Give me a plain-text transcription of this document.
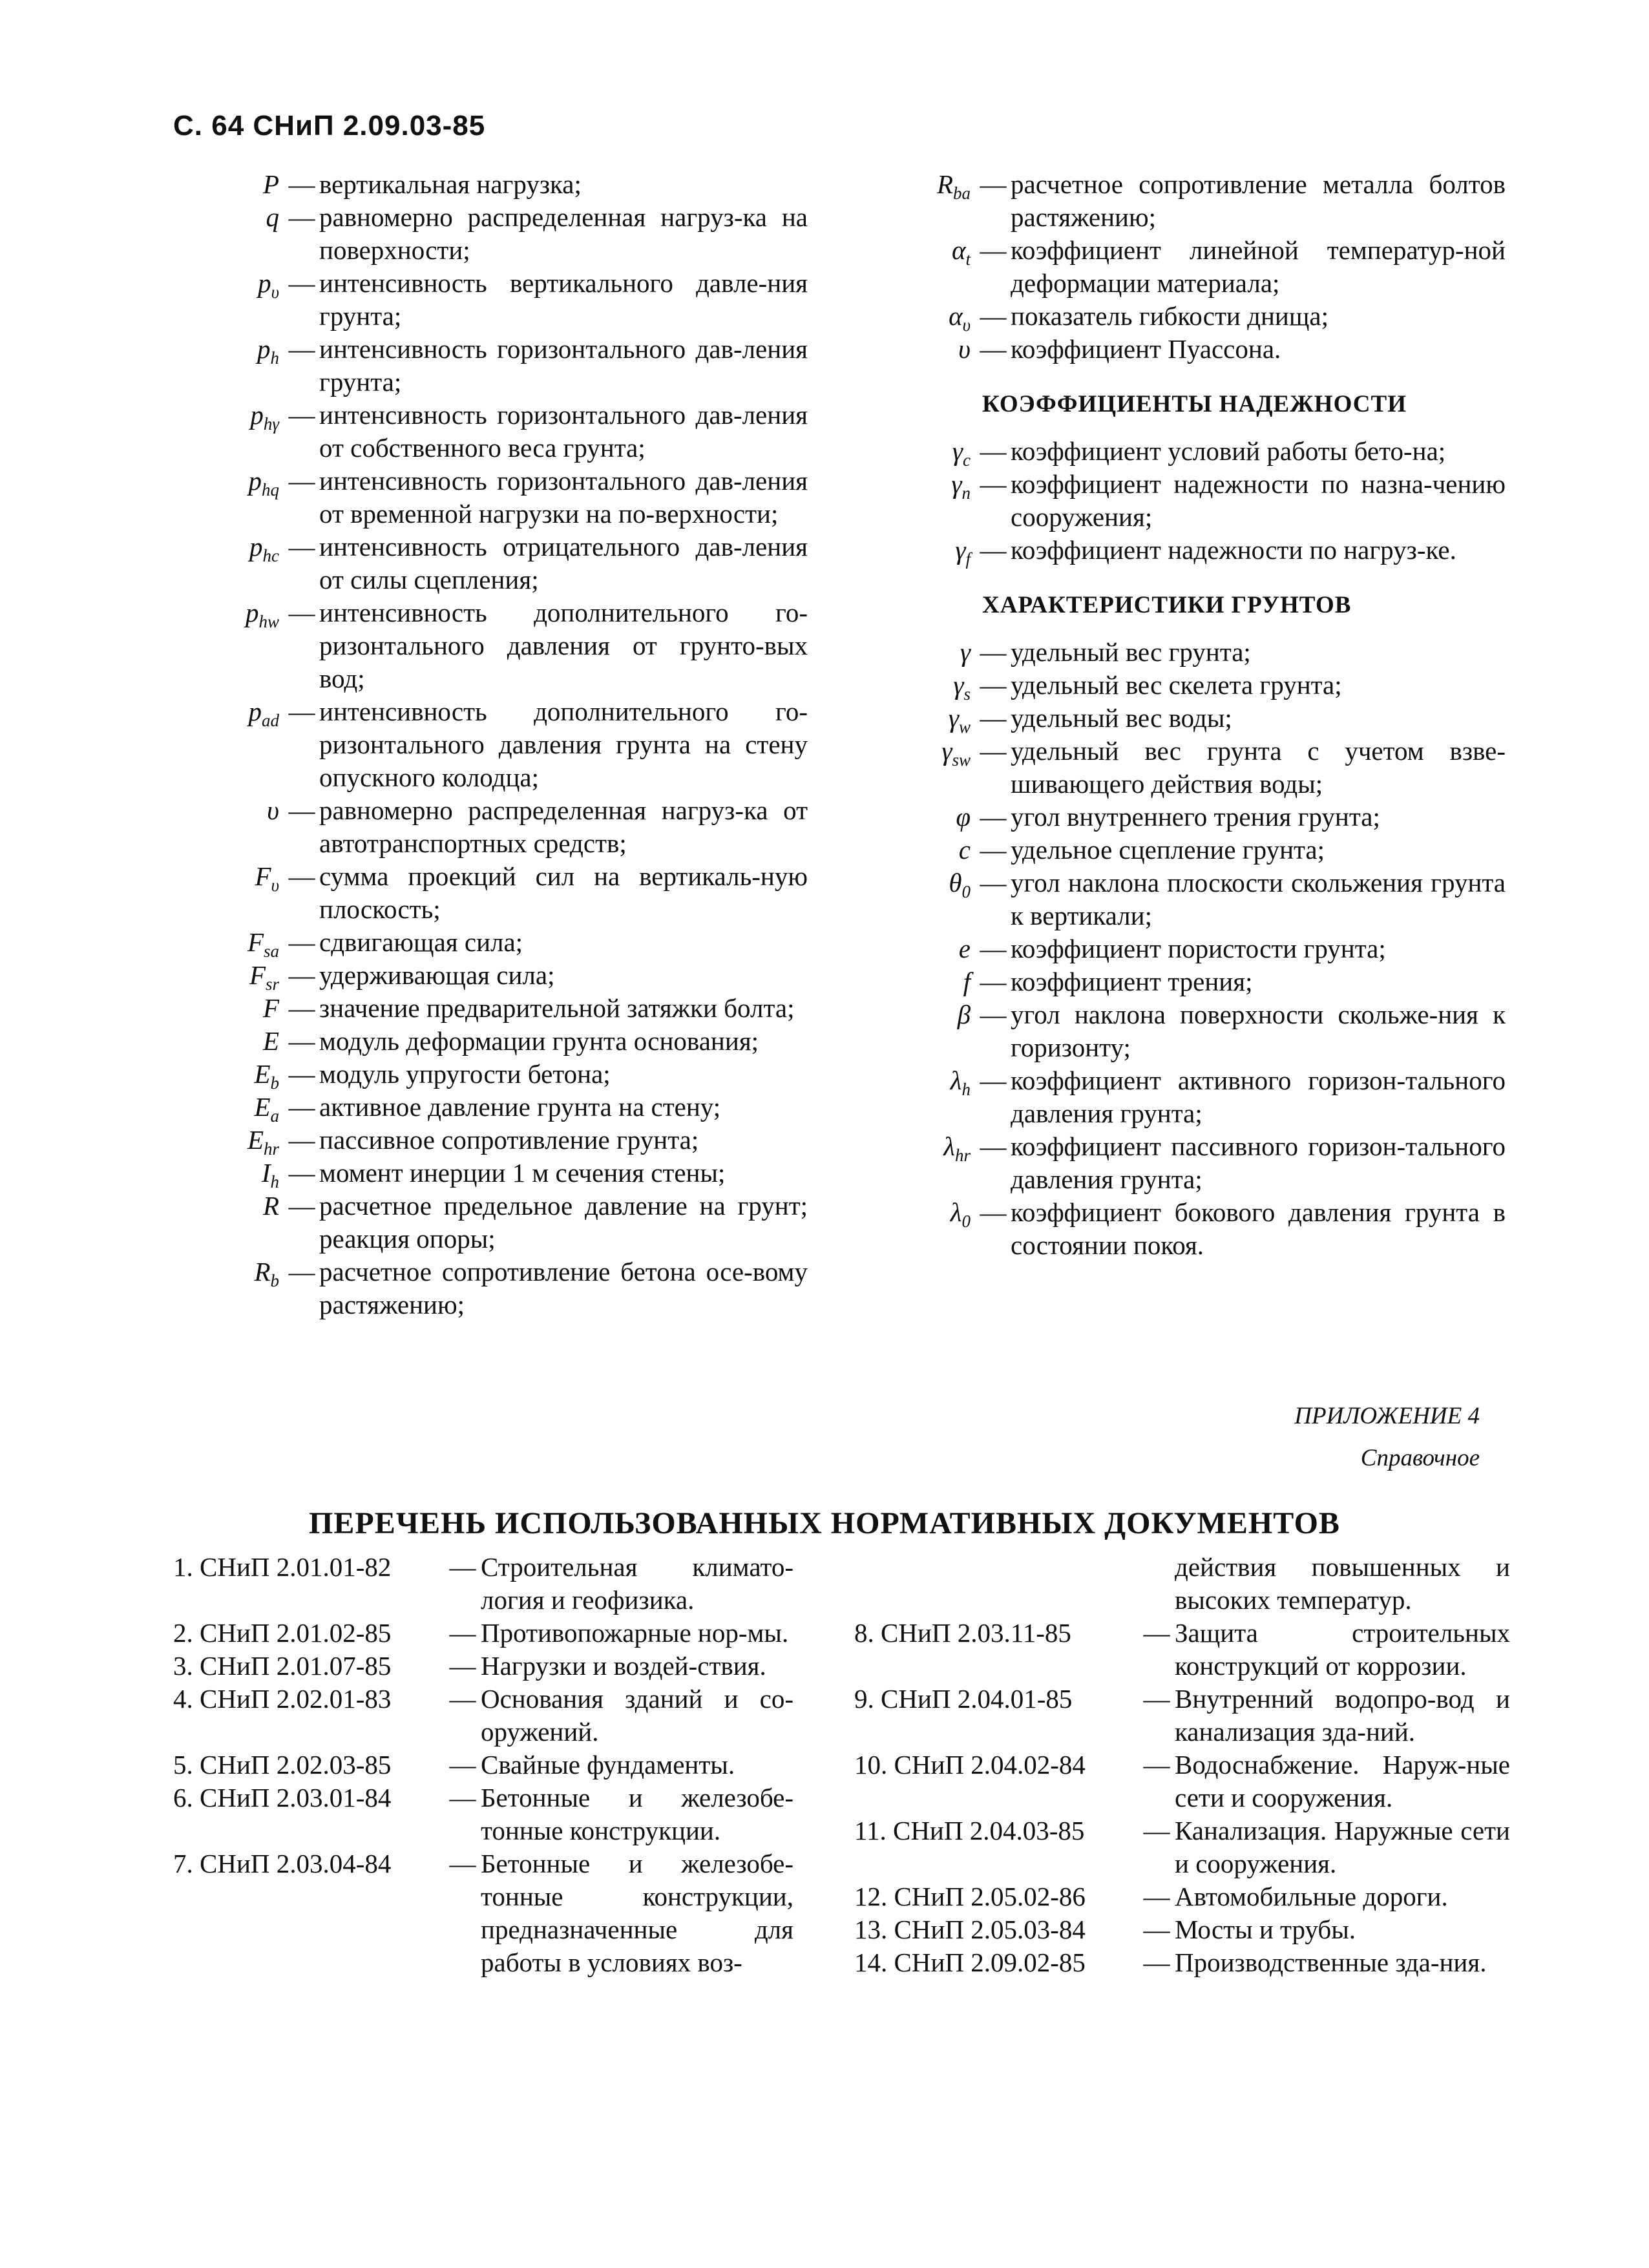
С. 64 СНиП 2.09.03-85
P — вертикальная нагрузка;
q — равномерно распределенная нагруз-ка на поверхности;
$p_\upsilon$ — интенсивность вертикального давле-ния грунта;
$p_h$ — интенсивность горизонтального дав-ления грунта;
$p_{h\gamma}$ — интенсивность горизонтального дав-ления от собственного веса грунта;
$p_{hq}$ — интенсивность горизонтального дав-ления от временной нагрузки на по-верхности;
$p_{hc}$ — интенсивность отрицательного дав-ления от силы сцепления;
$p_{hw}$ — интенсивность дополнительного го-ризонтального давления от грунто-вых вод;
$p_{ad}$ — интенсивность дополнительного го-ризонтального давления грунта на стену опускного колодца;
υ — равномерно распределенная нагруз-ка от автотранспортных средств;
$F_\upsilon$ — сумма проекций сил на вертикаль-ную плоскость;
$F_{sa}$ — сдвигающая сила;
$F_{sr}$ — удерживающая сила;
F — значение предварительной затяжки болта;
E — модуль деформации грунта основания;
$E_b$ — модуль упругости бетона;
$E_a$ — активное давление грунта на стену;
$E_{hr}$ — пассивное сопротивление грунта;
$I_h$ — момент инерции 1 м сечения стены;
R — расчетное предельное давление на грунт; реакция опоры;
$R_b$ — расчетное сопротивление бетона осе-вому растяжению;
$R_{ba}$ — расчетное сопротивление металла болтов растяжению;
$\alpha_t$ — коэффициент линейной температур-ной деформации материала;
$\alpha_\upsilon$ — показатель гибкости днища;
υ — коэффициент Пуассона.
КОЭФФИЦИЕНТЫ НАДЕЖНОСТИ
$\gamma_c$ — коэффициент условий работы бето-на;
$\gamma_n$ — коэффициент надежности по назна-чению сооружения;
$\gamma_f$ — коэффициент надежности по нагруз-ке.
ХАРАКТЕРИСТИКИ ГРУНТОВ
γ — удельный вес грунта;
$\gamma_s$ — удельный вес скелета грунта;
$\gamma_w$ — удельный вес воды;
$\gamma_{sw}$ — удельный вес грунта с учетом взве-шивающего действия воды;
φ — угол внутреннего трения грунта;
c — удельное сцепление грунта;
$\theta_0$ — угол наклона плоскости скольжения грунта к вертикали;
e — коэффициент пористости грунта;
f — коэффициент трения;
β — угол наклона поверхности скольже-ния к горизонту;
$\lambda_h$ — коэффициент активного горизон-тального давления грунта;
$\lambda_{hr}$ — коэффициент пассивного горизон-тального давления грунта;
$\lambda_0$ — коэффициент бокового давления грунта в состоянии покоя.
ПРИЛОЖЕНИЕ 4
Справочное
ПЕРЕЧЕНЬ ИСПОЛЬЗОВАННЫХ НОРМАТИВНЫХ ДОКУМЕНТОВ
1. СНиП 2.01.01-82	— Строительная климато-логия и геофизика.
2. СНиП 2.01.02-85	— Противопожарные нор-мы.
3. СНиП 2.01.07-85	— Нагрузки и воздей-ствия.
4. СНиП 2.02.01-83	— Основания зданий и со-оружений.
5. СНиП 2.02.03-85	— Свайные фундаменты.
6. СНиП 2.03.01-84	— Бетонные и железобе-тонные конструкции.
7. СНиП 2.03.04-84	— Бетонные и железобе-тонные конструкции, предназначенные для работы в условиях воз-
действия повышенных и высоких температур.
8. СНиП 2.03.11-85	— Защита строительных конструкций от коррозии.
9. СНиП 2.04.01-85	— Внутренний водопро-вод и канализация зда-ний.
10. СНиП 2.04.02-84	— Водоснабжение. Наруж-ные сети и сооружения.
11. СНиП 2.04.03-85	— Канализация. Наружные сети и сооружения.
12. СНиП 2.05.02-86	— Автомобильные дороги.
13. СНиП 2.05.03-84	— Мосты и трубы.
14. СНиП 2.09.02-85	— Производственные зда-ния.
